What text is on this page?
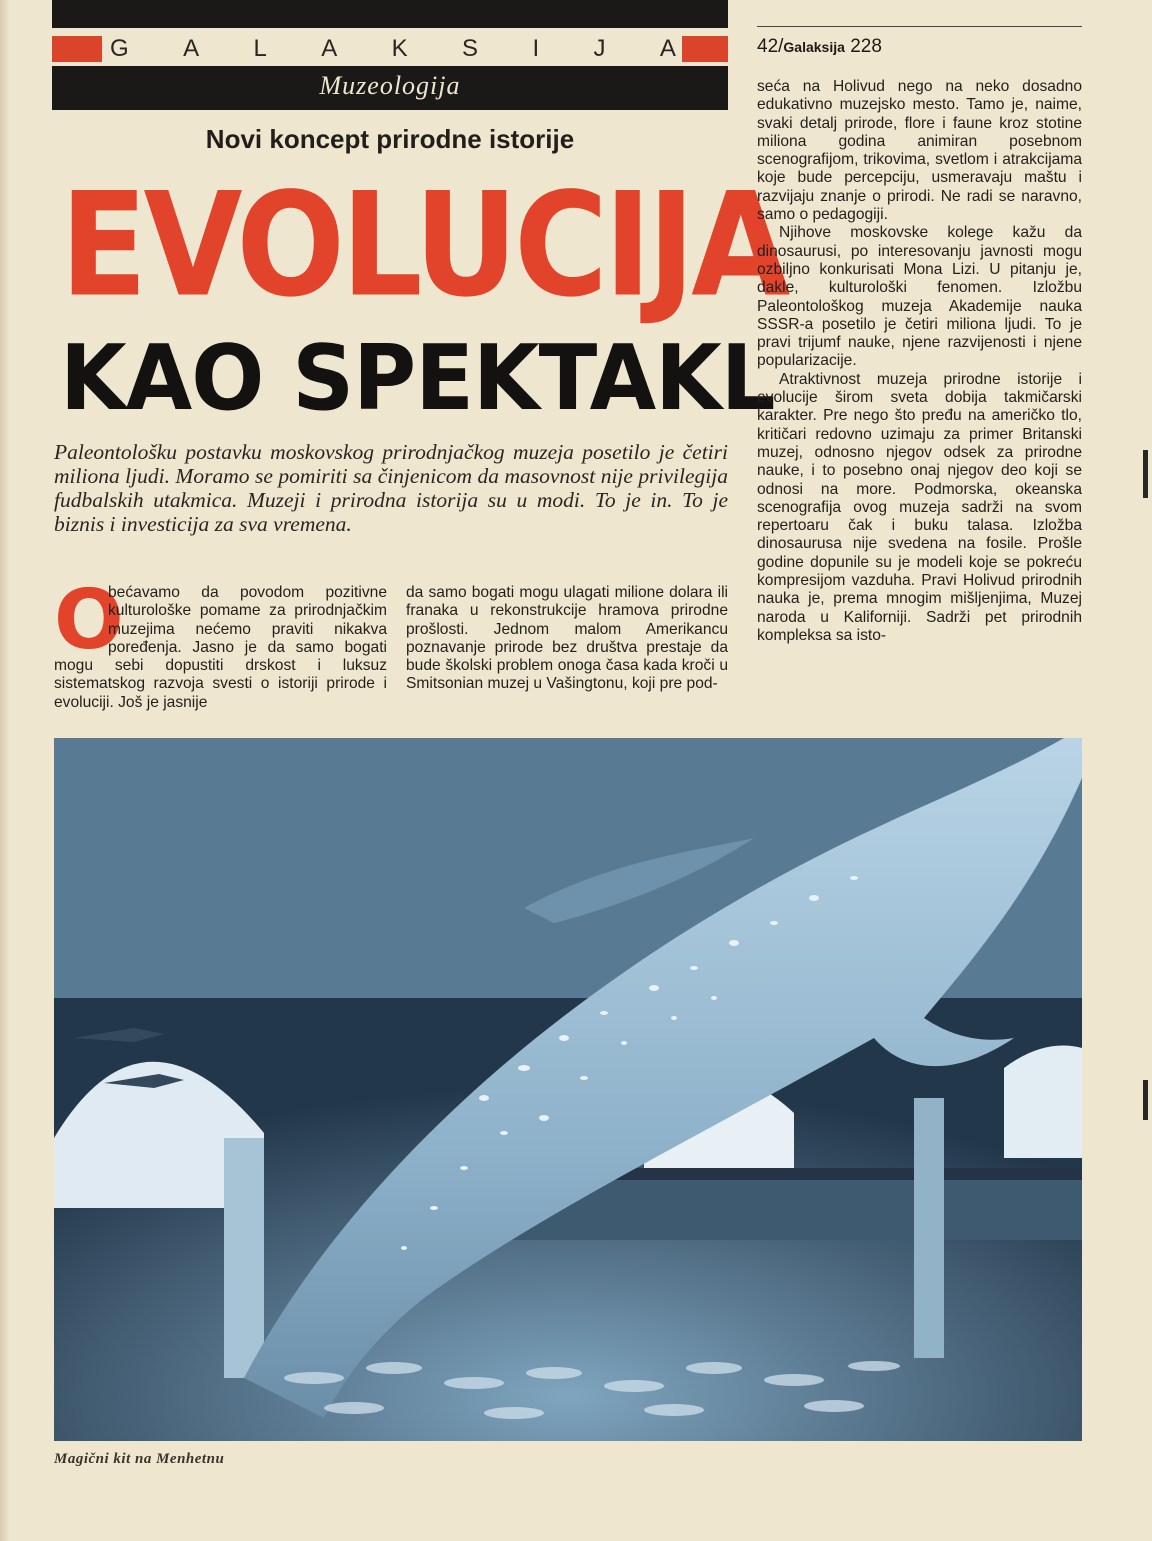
G A L A K S I J A
Muzeologija
Novi koncept prirodne istorije
EVOLUCIJA
KAO SPEKTAKL
Paleontološku postavku moskovskog prirodnjačkog muzeja posetilo je četiri miliona ljudi. Moramo se pomiriti sa činjenicom da masovnost nije privilegija fudbalskih utakmica. Muzeji i prirodna istorija su u modi. To je in. To je biznis i investicija za sva vremena.
O

bećavamo da povodom pozitivne kulturološke pomame za prirodnjačkim muzejima nećemo praviti nikakva poređenja. Jasno je da samo bogati mogu sebi dopustiti drskost i luksuz sistematskog razvoja svesti o istoriji prirode i evoluciji. Još je jasnije

da samo bogati mogu ulagati milione dolara ili franaka u rekonstrukcije hramova prirodne prošlosti. Jednom malom Amerikancu poznavanje prirode bez društva prestaje da bude školski problem onoga časa kada kroči u Smitsonian muzej u Vašingtonu, koji pre pod-

42/Galaksija 228

seća na Holivud nego na neko dosadno edukativno muzejsko mesto. Tamo je, naime, svaki detalj prirode, flore i faune kroz stotine miliona godina animiran posebnom scenografijom, trikovima, svetlom i atrakcijama koje bude percepciju, usmeravaju maštu i razvijaju znanje o prirodi. Ne radi se naravno, samo o pedagogiji.

Njihove moskovske kolege kažu da dinosaurusi, po interesovanju javnosti mogu ozbiljno konkurisati Mona Lizi. U pitanju je, dakle, kulturološki fenomen. Izložbu Paleontološkog muzeja Akademije nauka SSSR-a posetilo je četiri miliona ljudi. To je pravi trijumf nauke, njene razvijenosti i njene popularizacije.

Atraktivnost muzeja prirodne istorije i evolucije širom sveta dobija takmičarski karakter. Pre nego što pređu na američko tlo, kritičari redovno uzimaju za primer Britanski muzej, odnosno njegov odsek za prirodne nauke, i to posebno onaj njegov deo koji se odnosi na more. Podmorska, okeanska scenografija ovog muzeja sadrži na svom repertoaru čak i buku talasa. Izložba dinosaurusa nije svedena na fosile. Prošle godine dopunile su je modeli koje se pokreću kompresijom vazduha. Pravi Holivud prirodnih nauka je, prema mnogim mišljenjima, Muzej naroda u Kaliforniji. Sadrži pet prirodnih kompleksa sa isto-

Magični kit na Menhetnu
